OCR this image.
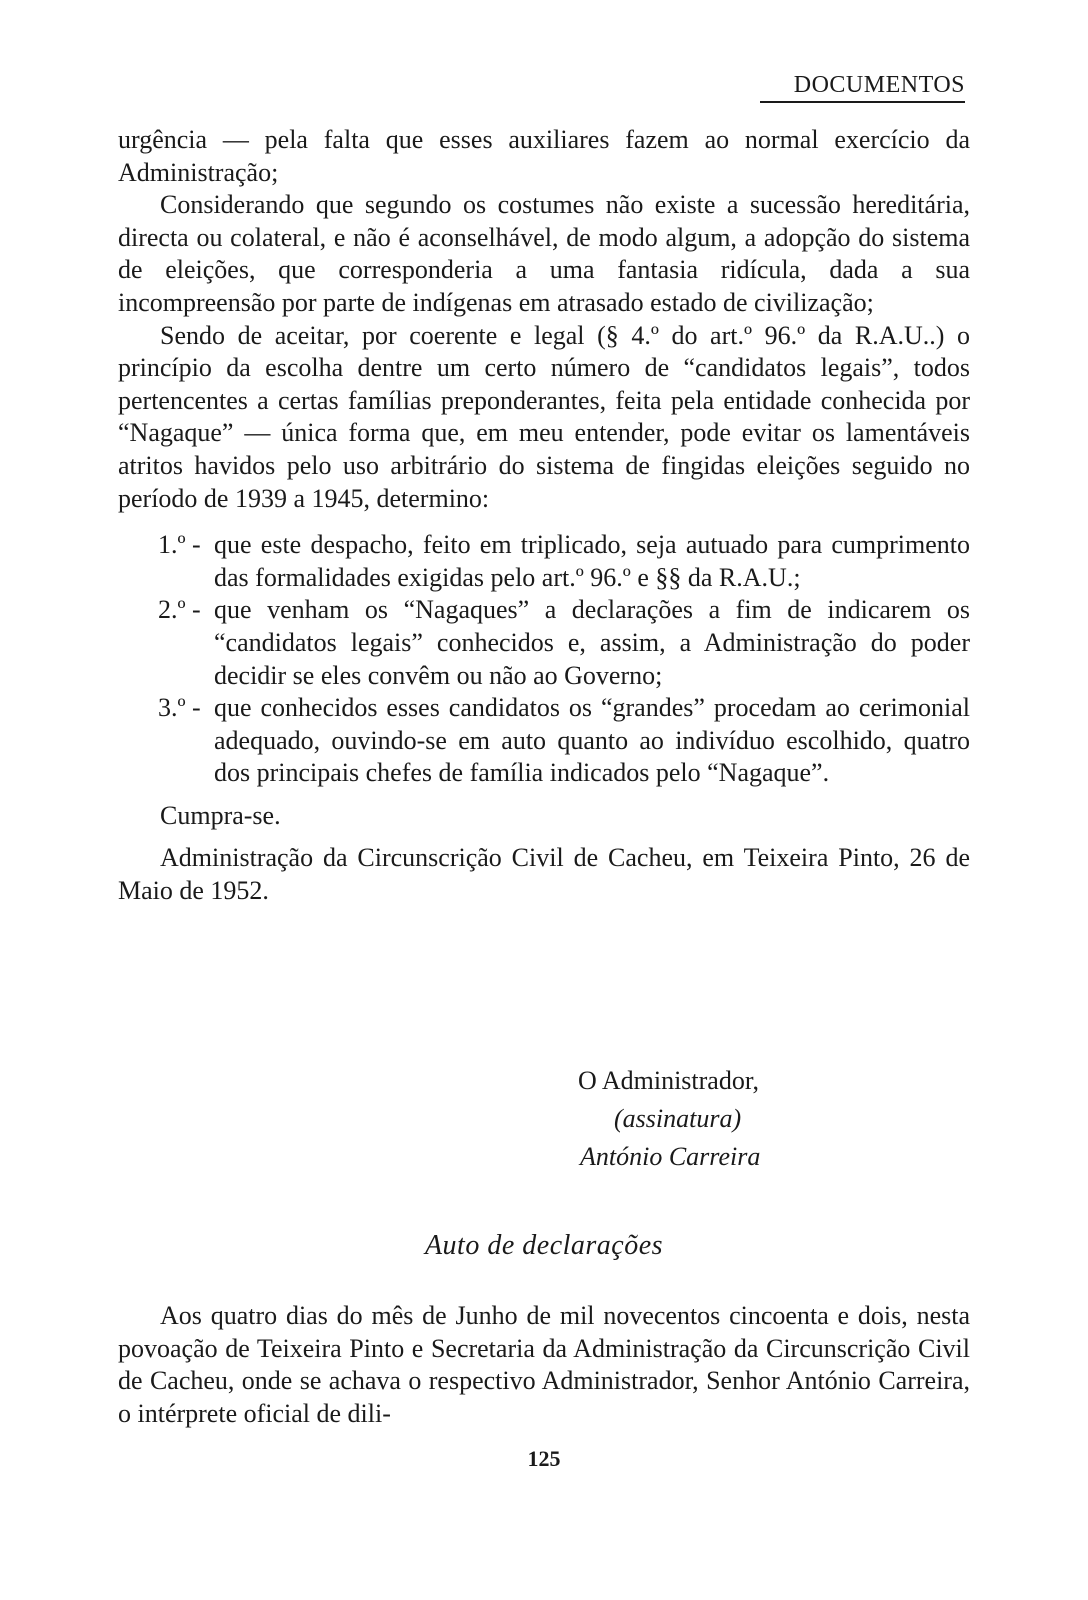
DOCUMENTOS

urgência — pela falta que esses auxiliares fazem ao normal exercício da Administração;

Considerando que segundo os costumes não existe a sucessão hereditária, directa ou colateral, e não é aconselhável, de modo algum, a adopção do sistema de eleições, que corresponderia a uma fantasia ridícula, dada a sua incompreensão por parte de indígenas em atrasado estado de civilização;

Sendo de aceitar, por coerente e legal (§ 4.º do art.º 96.º da R.A.U..) o princípio da escolha dentre um certo número de “candidatos legais”, todos pertencentes a certas famílias preponderantes, feita pela entidade conhecida por “Nagaque” — única forma que, em meu entender, pode evitar os lamentáveis atritos havidos pelo uso arbitrário do sistema de fingidas eleições seguido no período de 1939 a 1945, determino:

1.º - que este despacho, feito em triplicado, seja autuado para cumprimento das formalidades exigidas pelo art.º 96.º e §§ da R.A.U.;
2.º - que venham os “Nagaques” a declarações a fim de indicarem os “candidatos legais” conhecidos e, assim, a Administração do poder decidir se eles convêm ou não ao Governo;
3.º - que conhecidos esses candidatos os “grandes” procedam ao cerimonial adequado, ouvindo-se em auto quanto ao indivíduo escolhido, quatro dos principais chefes de família indicados pelo “Nagaque”.

Cumpra-se.

Administração da Circunscrição Civil de Cacheu, em Teixeira Pinto, 26 de Maio de 1952.

O Administrador,
(assinatura)
António Carreira
Auto de declarações

Aos quatro dias do mês de Junho de mil novecentos cincoenta e dois, nesta povoação de Teixeira Pinto e Secretaria da Administração da Circunscrição Civil de Cacheu, onde se achava o respectivo Administrador, Senhor António Carreira, o intérprete oficial de dili-

125
